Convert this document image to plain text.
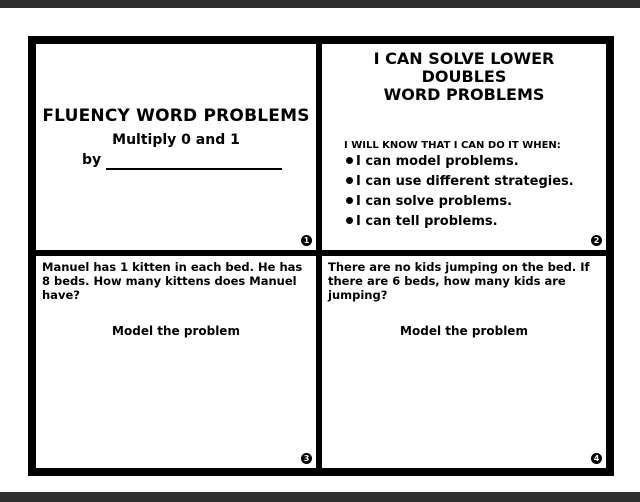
FLUENCY WORD PROBLEMS
Multiply 0 and 1
by
1
I CAN SOLVE LOWER
DOUBLES
WORD PROBLEMS
I WILL KNOW THAT I CAN DO IT WHEN:
I can model problems.
I can use different strategies.
I can solve problems.
I can tell problems.
2
Manuel has 1 kitten in each bed. He has 8 beds. How many kittens does Manuel have?
Model the problem
3
There are no kids jumping on the bed. If there are 6 beds, how many kids are jumping?
Model the problem
4
